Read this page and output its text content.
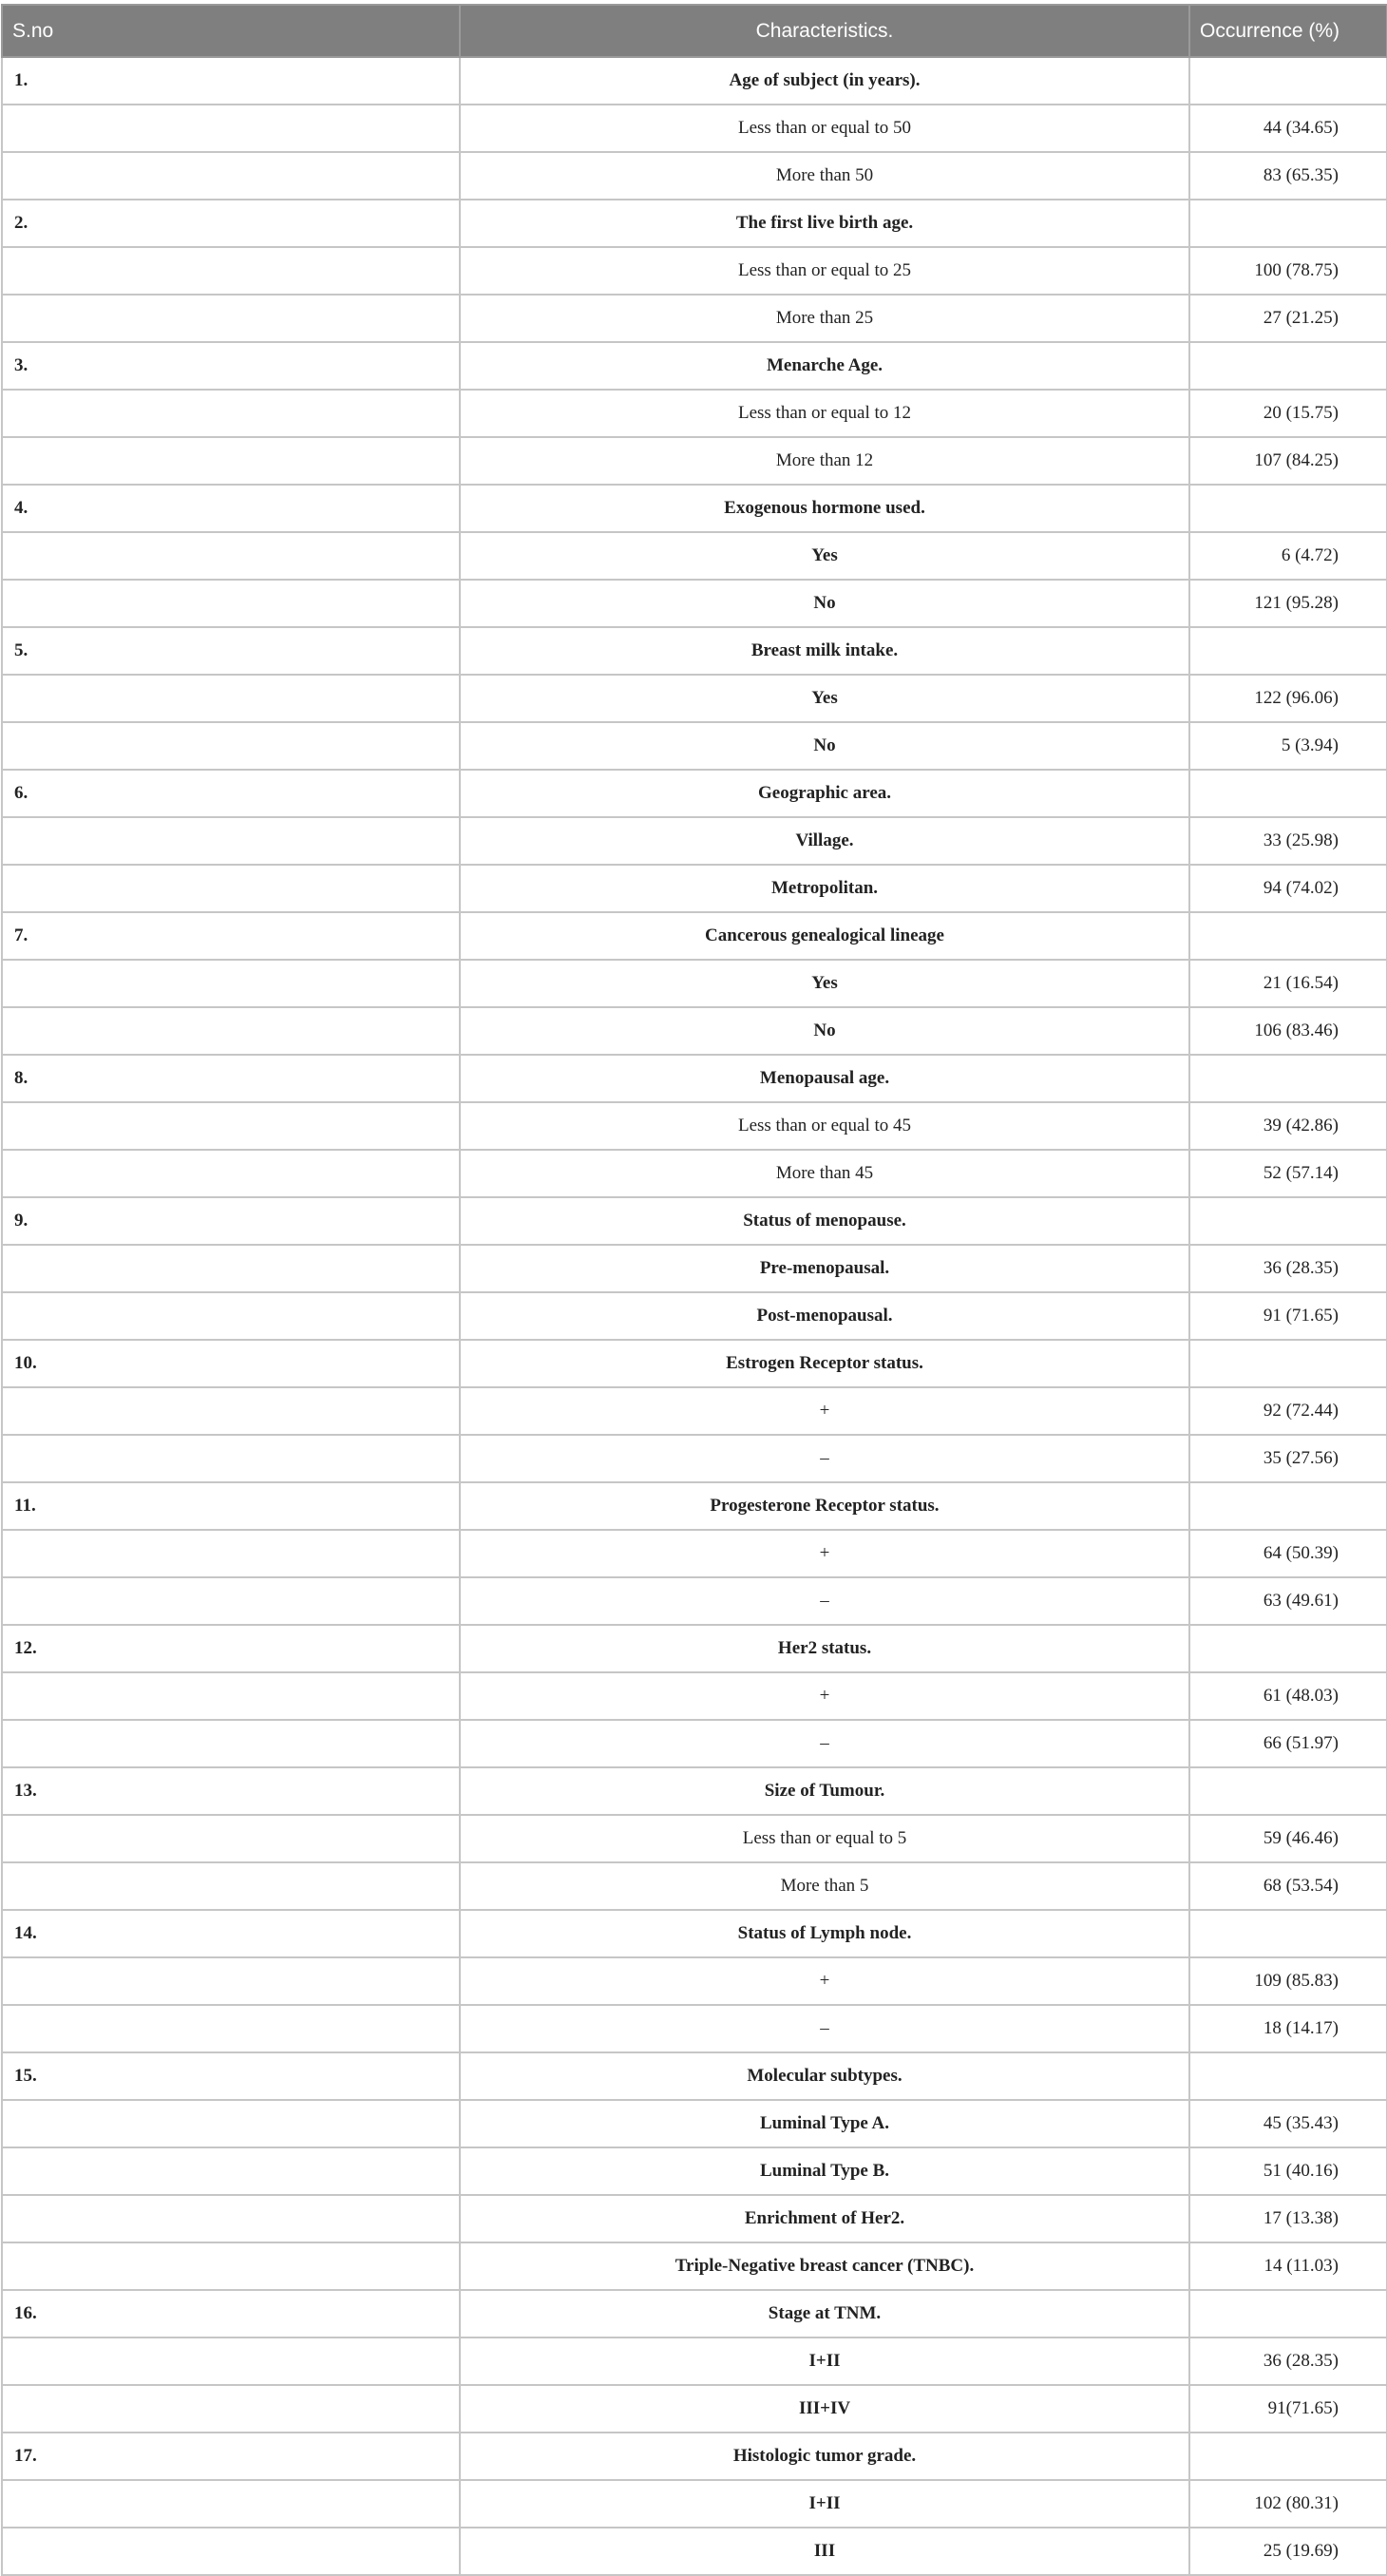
S.no	Characteristics.	Occurrence (%)
1.	Age of subject (in years).	
	Less than or equal to 50	44 (34.65)
	More than 50	83 (65.35)
2.	The first live birth age.	
	Less than or equal to 25	100 (78.75)
	More than 25	27 (21.25)
3.	Menarche Age.	
	Less than or equal to 12	20 (15.75)
	More than 12	107 (84.25)
4.	Exogenous hormone used.	
	Yes	6 (4.72)
	No	121 (95.28)
5.	Breast milk intake.	
	Yes	122 (96.06)
	No	5 (3.94)
6.	Geographic area.	
	Village.	33 (25.98)
	Metropolitan.	94 (74.02)
7.	Cancerous genealogical lineage	
	Yes	21 (16.54)
	No	106 (83.46)
8.	Menopausal age.	
	Less than or equal to 45	39 (42.86)
	More than 45	52 (57.14)
9.	Status of menopause.	
	Pre-menopausal.	36 (28.35)
	Post-menopausal.	91 (71.65)
10.	Estrogen Receptor status.	
	+	92 (72.44)
	–	35 (27.56)
11.	Progesterone Receptor status.	
	+	64 (50.39)
	–	63 (49.61)
12.	Her2 status.	
	+	61 (48.03)
	–	66 (51.97)
13.	Size of Tumour.	
	Less than or equal to 5	59 (46.46)
	More than 5	68 (53.54)
14.	Status of Lymph node.	
	+	109 (85.83)
	–	18 (14.17)
15.	Molecular subtypes.	
	Luminal Type A.	45 (35.43)
	Luminal Type B.	51 (40.16)
	Enrichment of Her2.	17 (13.38)
	Triple-Negative breast cancer (TNBC).	14 (11.03)
16.	Stage at TNM.	
	I+II	36 (28.35)
	III+IV	91(71.65)
17.	Histologic tumor grade.	
	I+II	102 (80.31)
	III	25 (19.69)
